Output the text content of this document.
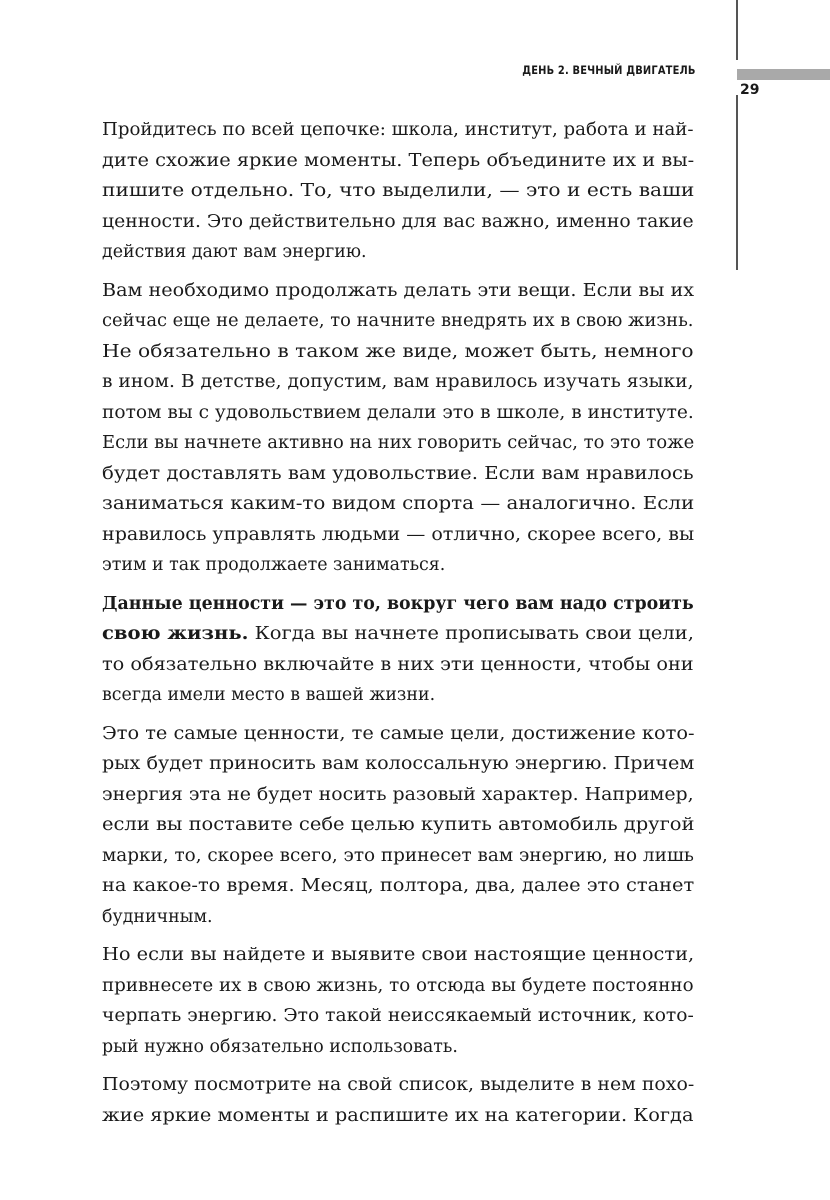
ДЕНЬ 2. ВЕЧНЫЙ ДВИГАТЕЛЬ
29
Пройдитесь по всей цепочке: школа, институт, работа и най-
дите схожие яркие моменты. Теперь объедините их и вы-
пишите отдельно. То, что выделили, — это и есть ваши
ценности. Это действительно для вас важно, именно такие
действия дают вам энергию.
Вам необходимо продолжать делать эти вещи. Если вы их
сейчас еще не делаете, то начните внедрять их в свою жизнь.
Не обязательно в таком же виде, может быть, немного
в ином. В детстве, допустим, вам нравилось изучать языки,
потом вы с удовольствием делали это в школе, в институте.
Если вы начнете активно на них говорить сейчас, то это тоже
будет доставлять вам удовольствие. Если вам нравилось
заниматься каким-то видом спорта — аналогично. Если
нравилось управлять людьми — отлично, скорее всего, вы
этим и так продолжаете заниматься.
Данные ценности — это то, вокруг чего вам надо строить
свою жизнь. Когда вы начнете прописывать свои цели,
то обязательно включайте в них эти ценности, чтобы они
всегда имели место в вашей жизни.
Это те самые ценности, те самые цели, достижение кото-
рых будет приносить вам колоссальную энергию. Причем
энергия эта не будет носить разовый характер. Например,
если вы поставите себе целью купить автомобиль другой
марки, то, скорее всего, это принесет вам энергию, но лишь
на какое-то время. Месяц, полтора, два, далее это станет
будничным.
Но если вы найдете и выявите свои настоящие ценности,
привнесете их в свою жизнь, то отсюда вы будете постоянно
черпать энергию. Это такой неиссякаемый источник, кото-
рый нужно обязательно использовать.
Поэтому посмотрите на свой список, выделите в нем похо-
жие яркие моменты и распишите их на категории. Когда
